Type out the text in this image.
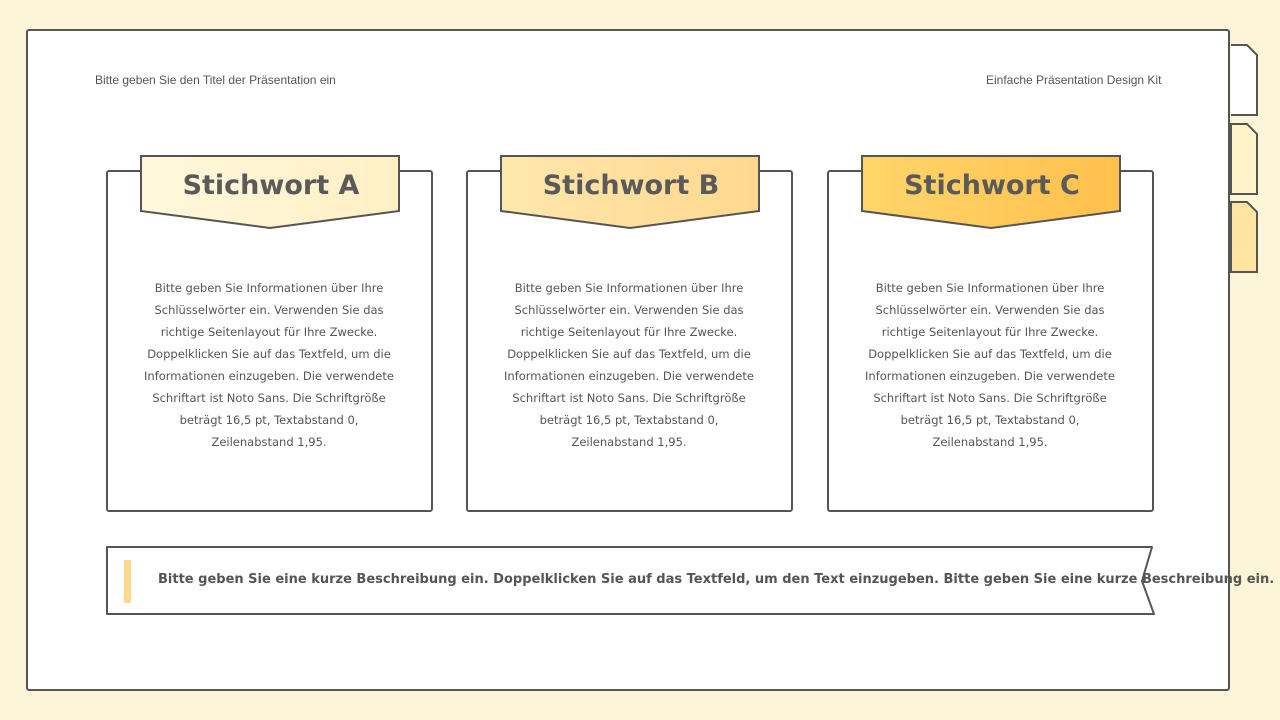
Bitte geben Sie den Titel der Präsentation ein	Einfache Präsentation Design Kit
Stichwort A
Bitte geben Sie Informationen über Ihre Schlüsselwörter ein. Verwenden Sie das richtige Seitenlayout für Ihre Zwecke. Doppelklicken Sie auf das Textfeld, um die Informationen einzugeben. Die verwendete Schriftart ist Noto Sans. Die Schriftgröße beträgt 16,5 pt, Textabstand 0, Zeilenabstand 1,95.
Stichwort B
Bitte geben Sie Informationen über Ihre Schlüsselwörter ein. Verwenden Sie das richtige Seitenlayout für Ihre Zwecke. Doppelklicken Sie auf das Textfeld, um die Informationen einzugeben. Die verwendete Schriftart ist Noto Sans. Die Schriftgröße beträgt 16,5 pt, Textabstand 0, Zeilenabstand 1,95.
Stichwort C
Bitte geben Sie Informationen über Ihre Schlüsselwörter ein. Verwenden Sie das richtige Seitenlayout für Ihre Zwecke. Doppelklicken Sie auf das Textfeld, um die Informationen einzugeben. Die verwendete Schriftart ist Noto Sans. Die Schriftgröße beträgt 16,5 pt, Textabstand 0, Zeilenabstand 1,95.
Bitte geben Sie eine kurze Beschreibung ein. Doppelklicken Sie auf das Textfeld, um den Text einzugeben. Bitte geben Sie eine kurze Beschreibung ein.
